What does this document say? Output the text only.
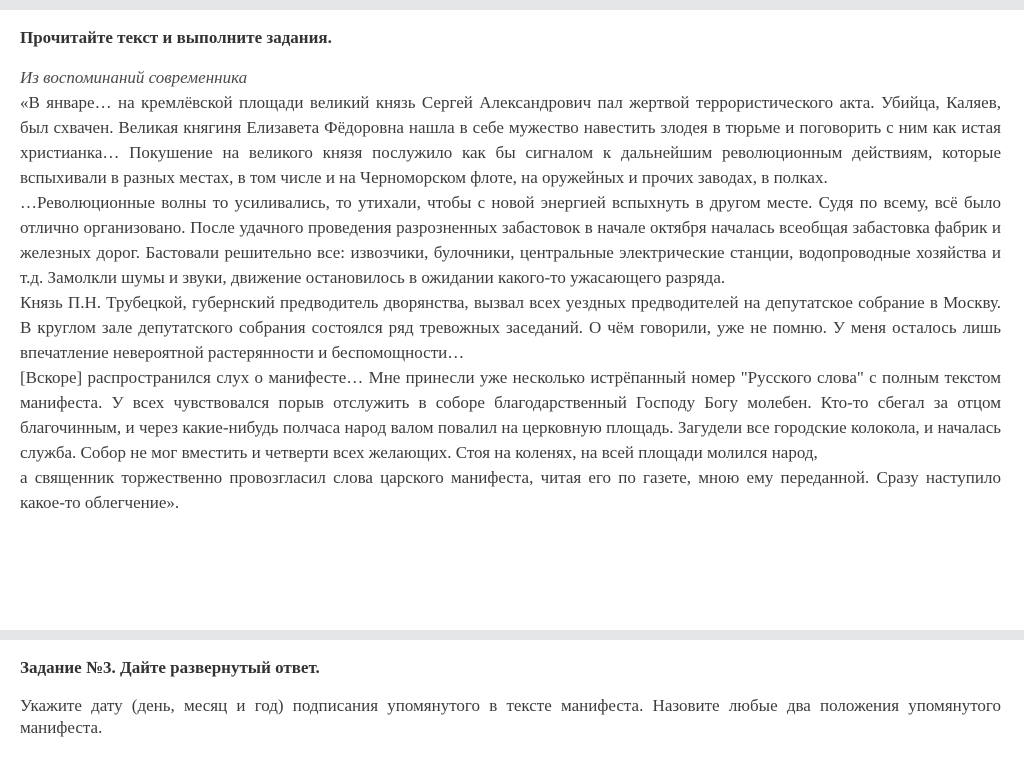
Прочитайте текст и выполните задания.

Из воспоминаний современника

«В январе… на кремлёвской площади великий князь Сергей Александрович пал жертвой террористического акта. Убийца, Каляев, был схвачен. Великая княгиня Елизавета Фёдоровна нашла в себе мужество навестить злодея в тюрьме и поговорить с ним как истая христианка… Покушение на великого князя послужило как бы сигналом к дальнейшим революционным действиям, которые вспыхивали в разных местах, в том числе и на Черноморском флоте, на оружейных и прочих заводах, в полках.

…Революционные волны то усиливались, то утихали, чтобы с новой энергией вспыхнуть в другом месте. Судя по всему, всё было отлично организовано. После удачного проведения разрозненных забастовок в начале октября началась всеобщая забастовка фабрик и железных дорог. Бастовали решительно все: извозчики, булочники, центральные электрические станции, водопроводные хозяйства и т.д. Замолкли шумы и звуки, движение остановилось в ожидании какого-то ужасающего разряда.

Князь П.Н. Трубецкой, губернский предводитель дворянства, вызвал всех уездных предводителей на депутатское собрание в Москву. В круглом зале депутатского собрания состоялся ряд тревожных заседаний. О чём говорили, уже не помню. У меня осталось лишь впечатление невероятной растерянности и беспомощности…

[Вскоре] распространился слух о манифесте… Мне принесли уже несколько истрёпанный номер "Русского слова" с полным текстом манифеста. У всех чувствовался порыв отслужить в соборе благодарственный Господу Богу молебен. Кто-то сбегал за отцом благочинным, и через какие-нибудь полчаса народ валом повалил на церковную площадь. Загудели все городские колокола, и началась служба. Собор не мог вместить и четверти всех желающих. Стоя на коленях, на всей площади молился народ,

а священник торжественно провозгласил слова царского манифеста, читая его по газете, мною ему переданной. Сразу наступило какое-то облегчение».

Задание №3. Дайте развернутый ответ.

Укажите дату (день, месяц и год) подписания упомянутого в тексте манифеста. Назовите любые два положения упомянутого манифеста.
